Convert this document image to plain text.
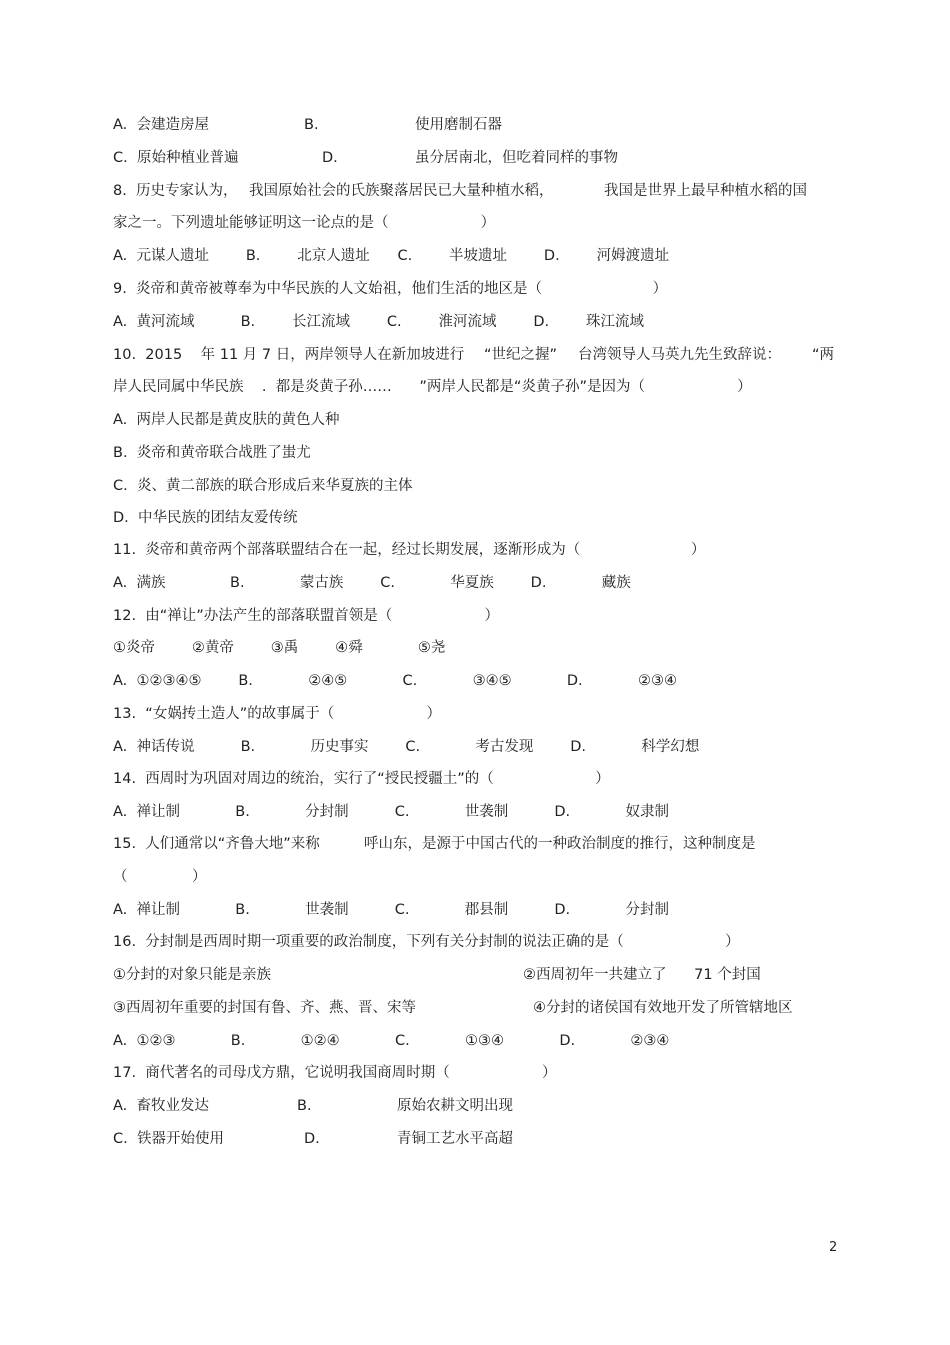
A.  会建造房屋	B.	使用磨制石器
C.  原始种植业普遍	D.	虽分居南北，但吃着同样的事物
8.  历史专家认为， 我国原始社会的氏族聚落居民已大量种植水稻，	我国是世界上最早种植水稻的国
家之一。下列遗址能够证明这一论点的是（                    ）
A.  元谋人遗址        B.        北京人遗址      C.        半坡遗址        D.        河姆渡遗址
9.  炎帝和黄帝被尊奉为中华民族的人文始祖，他们生活的地区是（                        ）
A.  黄河流域          B.        长江流域        C.        淮河流域        D.        珠江流域
10.  2015    年 11 月 7 日，两岸领导人在新加坡进行 “世纪之握” 台湾领导人马英九先生致辞说： “两
岸人民同属中华民族    .  都是炎黄子孙……      ”两岸人民都是“炎黄子孙”是因为（                    ）
A.  两岸人民都是黄皮肤的黄色人种
B.  炎帝和黄帝联合战胜了蚩尤
C.  炎、黄二部族的联合形成后来华夏族的主体
D.  中华民族的团结友爱传统
11.  炎帝和黄帝两个部落联盟结合在一起，经过长期发展，逐渐形成为（                        ）
A.  满族              B.            蒙古族        C.            华夏族        D.            藏族
12.  由“禅让”办法产生的部落联盟首领是（                    ）
①炎帝        ②黄帝        ③禹        ④舜            ⑤尧
A.  ①②③④⑤        B.            ②④⑤            C.            ③④⑤            D.            ②③④
13.  “女娲抟土造人”的故事属于（                    ）
A.  神话传说          B.            历史事实        C.            考古发现        D.            科学幻想
14.  西周时为巩固对周边的统治，实行了“授民授疆土”的（                      ）
A.  禅让制            B.            分封制          C.            世袭制          D.            奴隶制
15.  人们通常以“齐鲁大地”来称	呼山东，是源于中国古代的一种政治制度的推行，这种制度是
（              ）
A.  禅让制            B.            世袭制          C.            郡县制          D.            分封制
16.  分封制是西周时期一项重要的政治制度，下列有关分封制的说法正确的是（                      ）
①分封的对象只能是亲族	②西周初年一共建立了      71 个封国
③西周初年重要的封国有鲁、齐、燕、晋、宋等	④分封的诸侯国有效地开发了所管辖地区
A.  ①②③            B.            ①②④            C.            ①③④            D.            ②③④
17.  商代著名的司母戊方鼎，它说明我国商周时期（                    ）
A.  畜牧业发达	B.	原始农耕文明出现
C.  铁器开始使用	D.	青铜工艺水平高超
2
